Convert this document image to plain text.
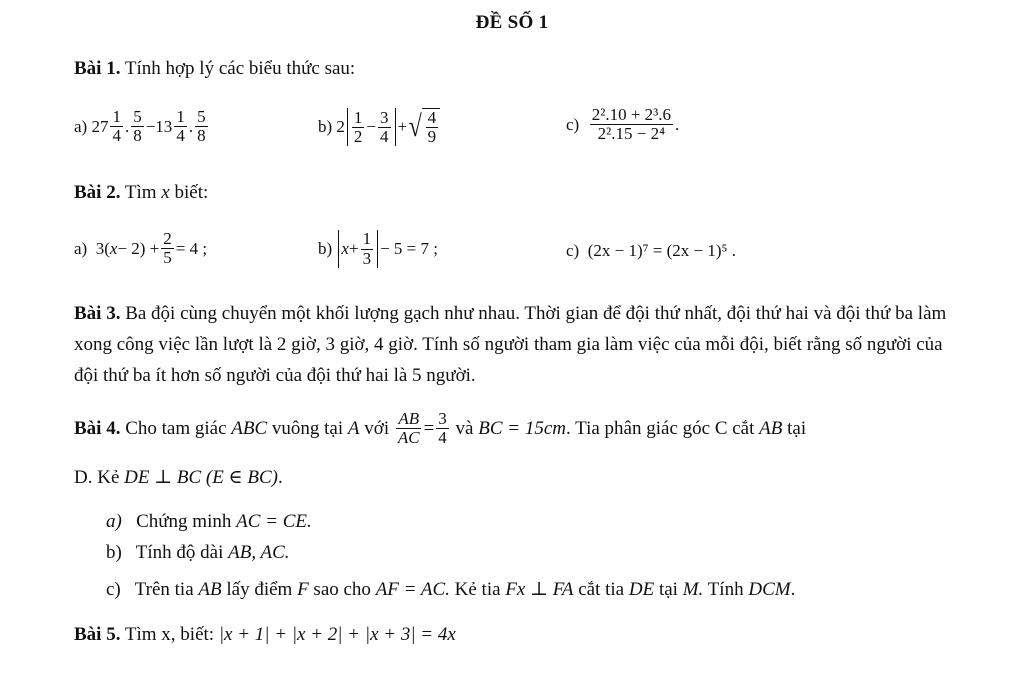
ĐỀ SỐ 1
Bài 1. Tính hợp lý các biểu thức sau:
a)
$27 \frac{1}{4}$ . $\frac{5}{8} -13 \frac{1}{4}$ . $\frac{5}{8}$	b)
$2 \frac{1}{2} - \frac{3}{4}$ + √ $\frac{4}{9}$	c)
$\frac{\text{2².10 + 2³.6}}{\text{2².15 − 2⁴}}$ .
Bài 2. Tìm x biết:
a)
3( $x - 2) + \frac{2}{5} = 4$ ;	b)
$x + \frac{1}{3} - 5 = 7$ ;	c)
(2x − 1)⁷ = (2x − 1)⁵ .
Bài 3. Ba đội cùng chuyển một khối lượng gạch như nhau. Thời gian để đội thứ nhất, đội thứ hai và đội thứ ba làm xong công việc lần lượt là 2 giờ, 3 giờ, 4 giờ. Tính số người tham gia làm việc của mỗi đội, biết rằng số người của đội thứ ba ít hơn số người của đội thứ hai là 5 người.
Bài 4.
Cho tam giác
ABC
vuông tại
A
với
$\frac{AB}{AC} = \frac{3}{4}$
và
BC = 15 cm . Tia phân giác góc C cắt
AB
tại
D. Kẻ DE ⊥ BC (E ∈ BC).
a) Chứng minh AC = CE.
b) Tính độ dài AB, AC.
c) Trên tia AB lấy điểm F sao cho AF = AC. Kẻ tia Fx ⊥ FA cắt tia DE tại M. Tính DCM.
Bài 5. Tìm x, biết: |x + 1| + |x + 2| + |x + 3| = 4x
